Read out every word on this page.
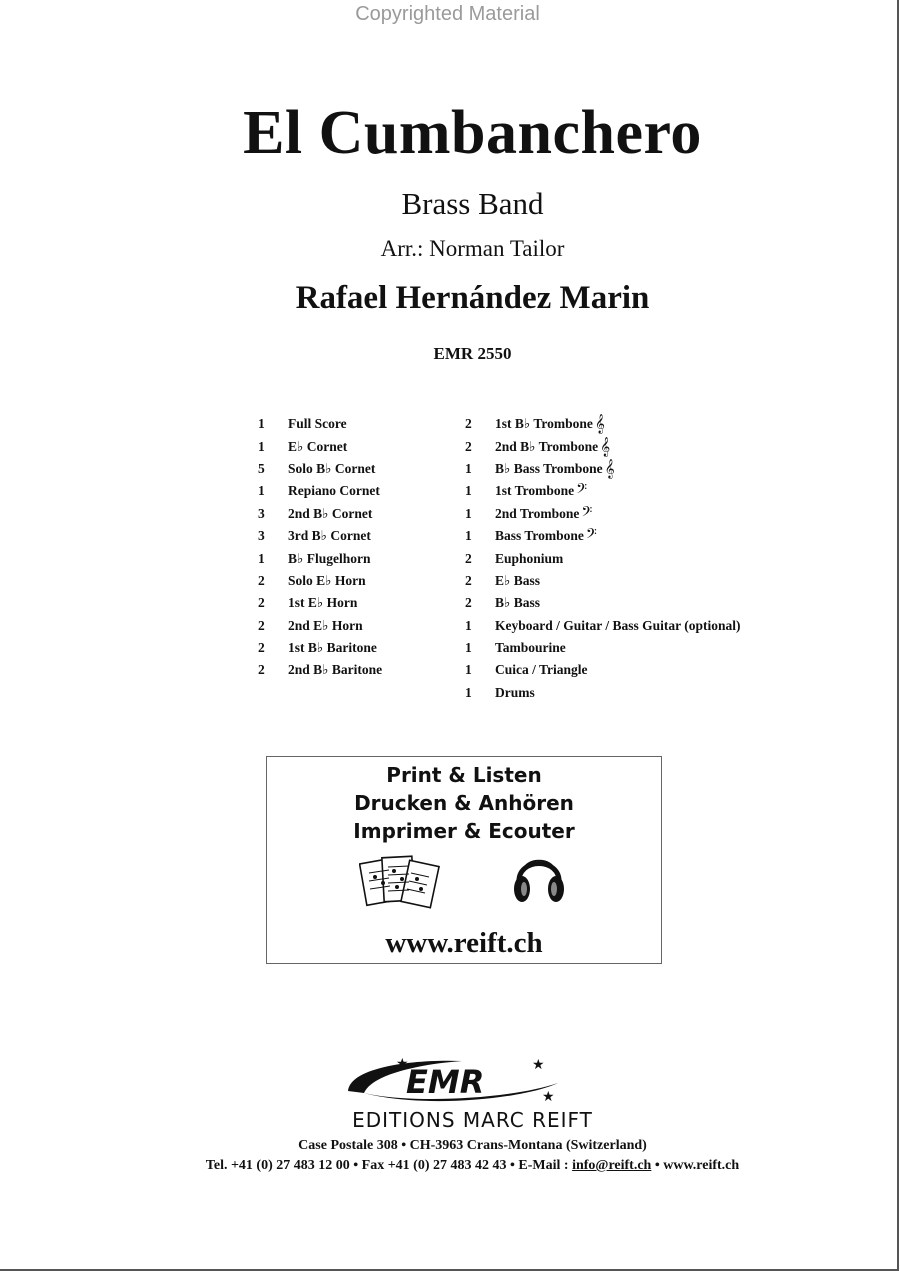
Copyrighted Material
El Cumbanchero
Brass Band
Arr.: Norman Tailor
Rafael Hernández Marin
EMR 2550
1	Full Score
1	E♭ Cornet
5	Solo B♭ Cornet
1	Repiano Cornet
3	2nd B♭ Cornet
3	3rd B♭ Cornet
1	B♭ Flugelhorn
2	Solo E♭ Horn
2	1st E♭ Horn
2	2nd E♭ Horn
2	1st B♭ Baritone
2	2nd B♭ Baritone
2	1st B♭ Trombone 𝄞
2	2nd B♭ Trombone 𝄞
1	B♭ Bass Trombone 𝄞
1	1st Trombone 𝄢
1	2nd Trombone 𝄢
1	Bass Trombone 𝄢
2	Euphonium
2	E♭ Bass
2	B♭ Bass
1	Keyboard / Guitar / Bass Guitar (optional)
1	Tambourine
1	Cuica / Triangle
1	Drums
Print & Listen
Drucken & Anhören
Imprimer & Ecouter
www.reift.ch
EMR
★	★
★
EDITIONS MARC REIFT
Case Postale 308 • CH-3963 Crans-Montana (Switzerland)
Tel. +41 (0) 27 483 12 00 • Fax +41 (0) 27 483 42 43 • E-Mail : info@reift.ch • www.reift.ch
